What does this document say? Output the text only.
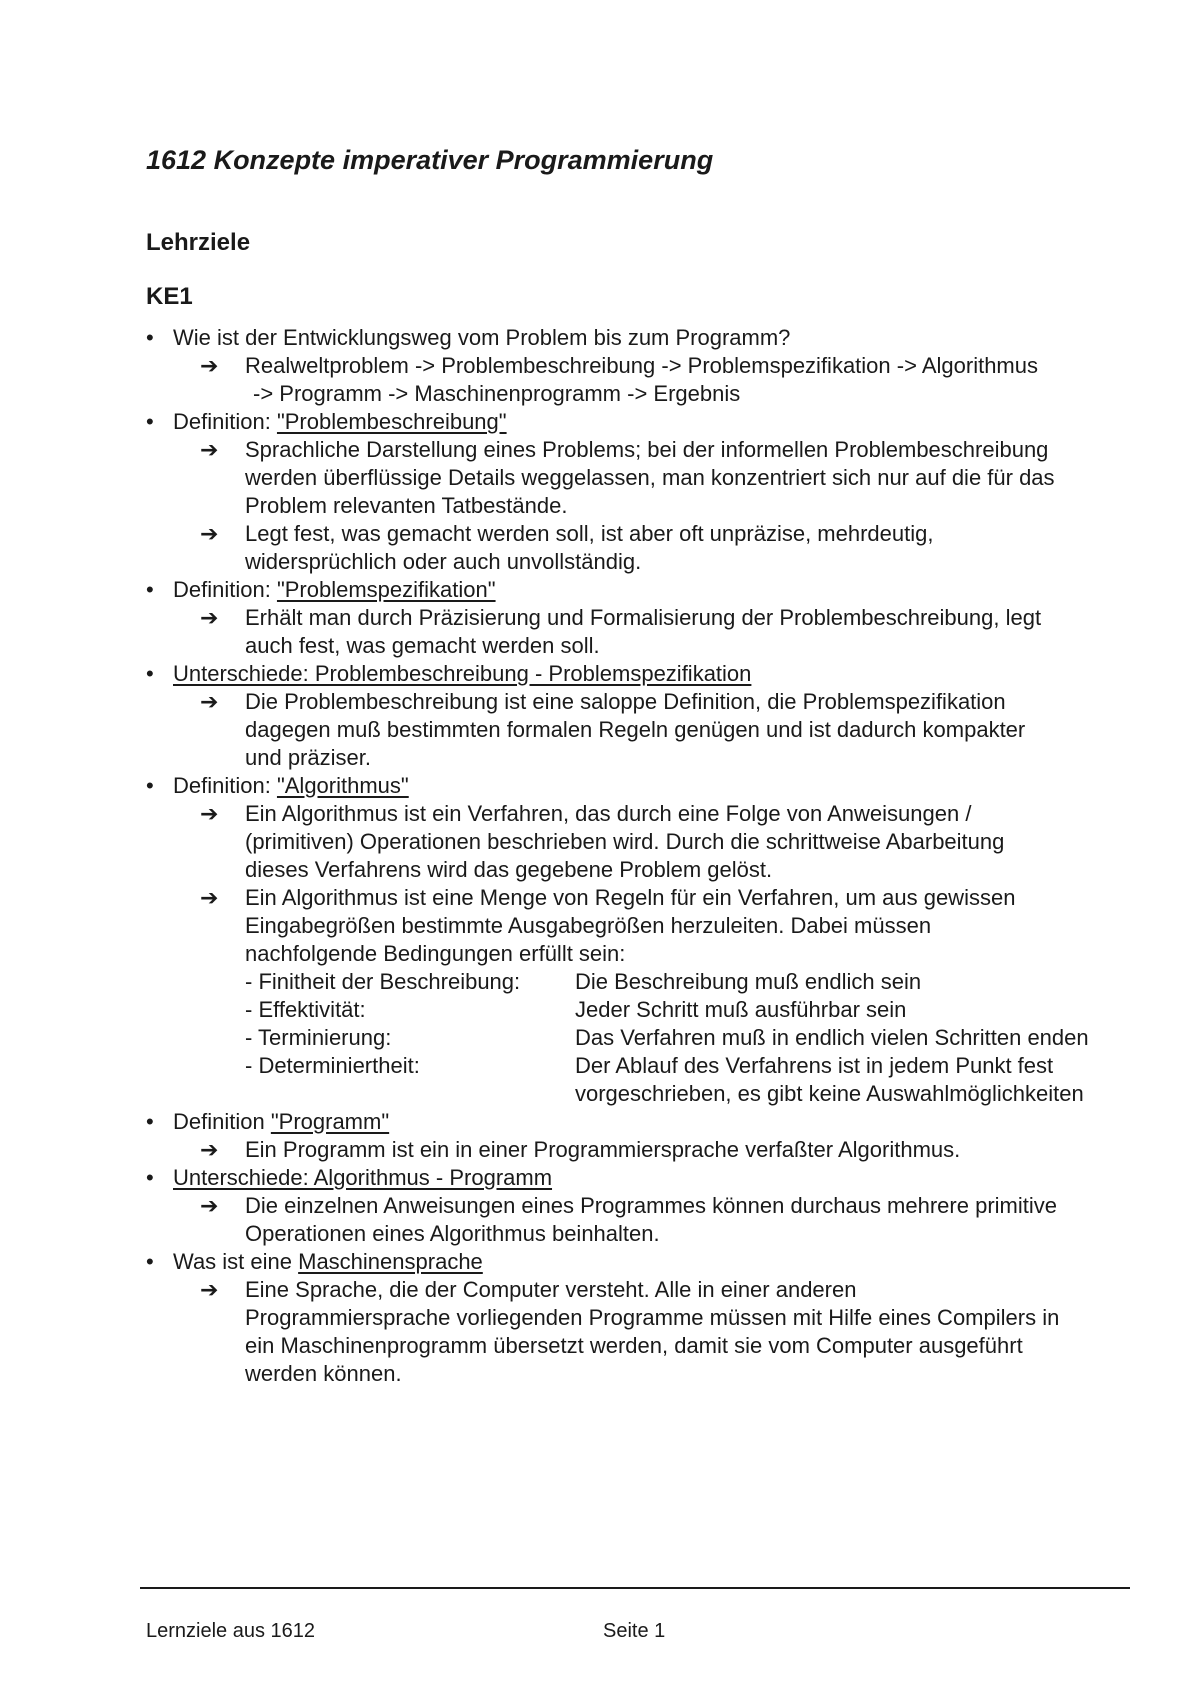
1612 Konzepte imperativer Programmierung
Lehrziele
KE1
• Wie ist der Entwicklungsweg vom Problem bis zum Programm?
➔	Realweltproblem -> Problembeschreibung -> Problemspezifikation -> Algorithmus
-> Programm -> Maschinenprogramm -> Ergebnis
• Definition: "Problembeschreibung"
➔	Sprachliche Darstellung eines Problems; bei der informellen Problembeschreibung
werden überflüssige Details weggelassen, man konzentriert sich nur auf die für das
Problem relevanten Tatbestände.
➔	Legt fest, was gemacht werden soll, ist aber oft unpräzise, mehrdeutig,
widersprüchlich oder auch unvollständig.
• Definition: "Problemspezifikation"
➔	Erhält man durch Präzisierung und Formalisierung der Problembeschreibung, legt
auch fest, was gemacht werden soll.
• Unterschiede: Problembeschreibung - Problemspezifikation
➔	Die Problembeschreibung ist eine saloppe Definition, die Problemspezifikation
dagegen muß bestimmten formalen Regeln genügen und ist dadurch kompakter
und präziser.
• Definition: "Algorithmus"
➔	Ein Algorithmus ist ein Verfahren, das durch eine Folge von Anweisungen /
(primitiven) Operationen beschrieben wird. Durch die schrittweise Abarbeitung
dieses Verfahrens wird das gegebene Problem gelöst.
➔	Ein Algorithmus ist eine Menge von Regeln für ein Verfahren, um aus gewissen
Eingabegrößen bestimmte Ausgabegrößen herzuleiten. Dabei müssen
nachfolgende Bedingungen erfüllt sein:
- Finitheit der Beschreibung:	Die Beschreibung muß endlich sein
- Effektivität:	Jeder Schritt muß ausführbar sein
- Terminierung:	Das Verfahren muß in endlich vielen Schritten enden
- Determiniertheit:	Der Ablauf des Verfahrens ist in jedem Punkt fest
vorgeschrieben, es gibt keine Auswahlmöglichkeiten
• Definition "Programm"
➔	Ein Programm ist ein in einer Programmiersprache verfaßter Algorithmus.
• Unterschiede: Algorithmus - Programm
➔	Die einzelnen Anweisungen eines Programmes können durchaus mehrere primitive
Operationen eines Algorithmus beinhalten.
• Was ist eine Maschinensprache
➔	Eine Sprache, die der Computer versteht. Alle in einer anderen
Programmiersprache vorliegenden Programme müssen mit Hilfe eines Compilers in
ein Maschinenprogramm übersetzt werden, damit sie vom Computer ausgeführt
werden können.
Lernziele aus 1612	Seite 1
